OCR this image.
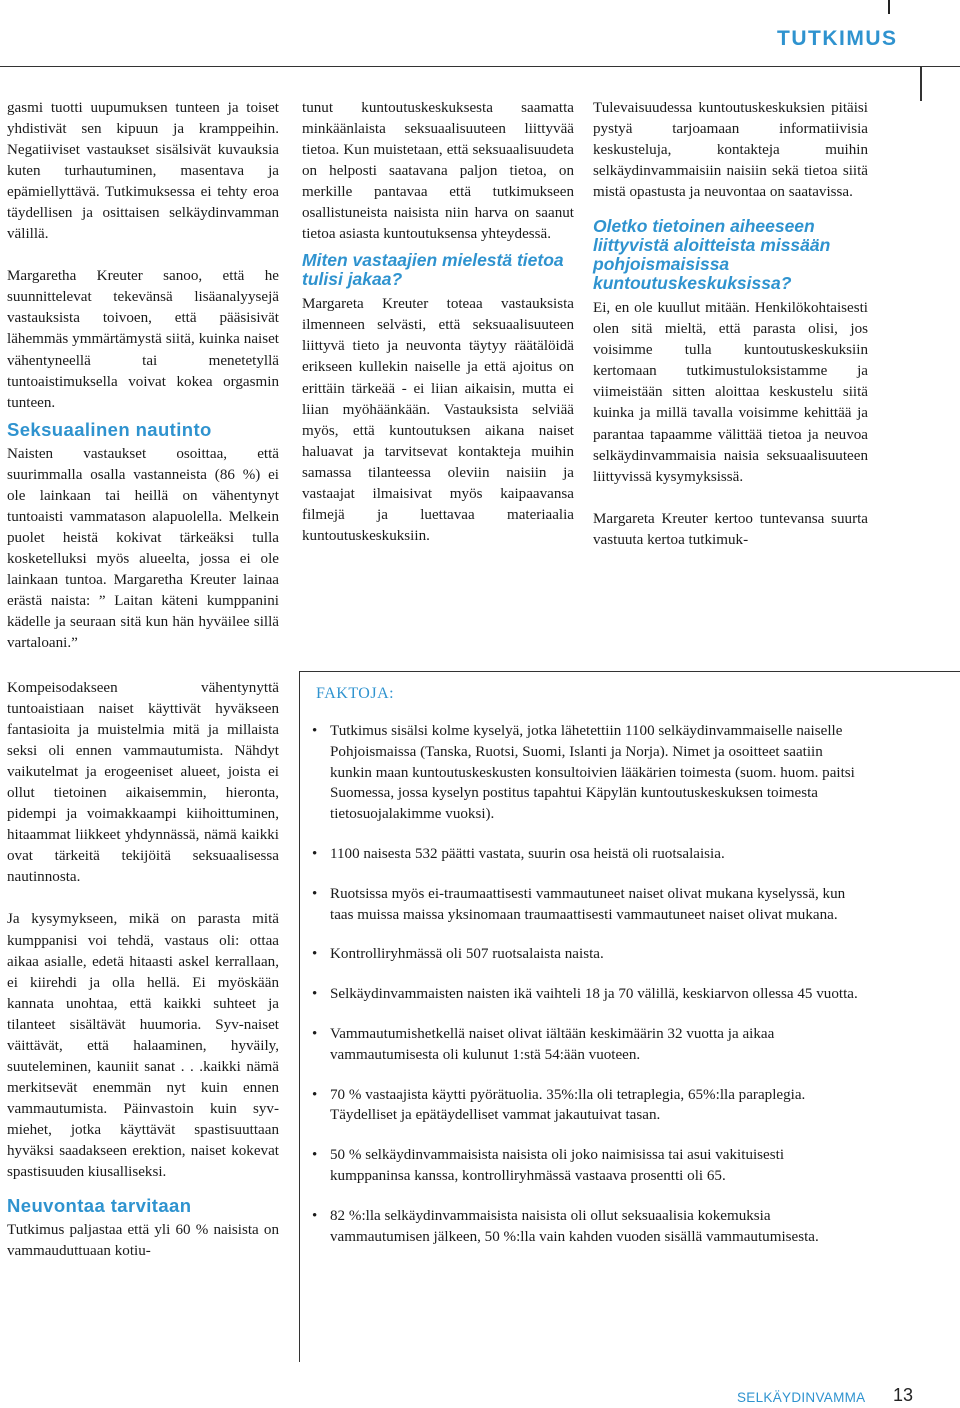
TUTKIMUS

gasmi tuotti uupumuksen tunteen ja toiset yhdistivät sen kipuun ja kramppeihin. Negatiiviset vastaukset sisälsivät kuvauksia kuten turhautuminen, masentava ja epämiellyttävä. Tutkimuksessa ei tehty eroa täydellisen ja osittaisen selkäydinvamman välillä.

Margaretha Kreuter sanoo, että he suunnittelevat tekevänsä lisäanalyysejä vastauksista toivoen, että pääsisivät lähemmäs ymmärtämystä siitä, kuinka naiset vähentyneellä tai menetetyllä tuntoaistimuksella voivat kokea orgasmin tunteen.

Seksuaalinen nautinto

Naisten vastaukset osoittaa, että suurimmalla osalla vastanneista (86 %) ei ole lainkaan tai heillä on vähentynyt tuntoaisti vammatason alapuolella. Melkein puolet heistä kokivat tärkeäksi tulla kosketelluksi myös alueelta, jossa ei ole lainkaan tuntoa. Margaretha Kreuter lainaa erästä naista: ” Laitan käteni kumppanini kädelle ja seuraan sitä kun hän hyväilee sillä vartaloani.”

Kompeisodakseen vähentynyttä tuntoaistiaan naiset käyttivät hyväkseen fantasioita ja muistelmia mitä ja millaista seksi oli ennen vammautumista. Nähdyt vaikutelmat ja erogeeniset alueet, joista ei ollut tietoinen aikaisemmin, hieronta, pidempi ja voimakkaampi kiihoittuminen, hitaammat liikkeet yhdynnässä, nämä kaikki ovat tärkeitä tekijöitä seksuaalisessa nautinnosta.

Ja kysymykseen, mikä on parasta mitä kumppanisi voi tehdä, vastaus oli: ottaa aikaa asialle, edetä hitaasti askel kerrallaan, ei kiirehdi ja olla hellä. Ei myöskään kannata unohtaa, että kaikki suhteet ja tilanteet sisältävät huumoria. Syv-naiset väittävät, että halaaminen, hyväily, suuteleminen, kauniit sanat . . .kaikki nämä merkitsevät enemmän nyt kuin ennen vammautumista. Päinvastoin kuin syv-miehet, jotka käyttävät spastisuuttaan hyväksi saadakseen erektion, naiset kokevat spastisuuden kiusalliseksi.

Neuvontaa tarvitaan

Tutkimus paljastaa että yli 60 % naisista on vammauduttuaan kotiu-

tunut kuntoutuskeskuksesta saamatta minkäänlaista seksuaalisuuteen liittyvää tietoa. Kun muistetaan, että seksuaalisuudeta on helposti saatavana paljon tietoa, on merkille pantavaa että tutkimukseen osallistuneista naisista niin harva on saanut tietoa asiasta kuntoutuksensa yhteydessä.

Miten vastaajien mielestä tietoa tulisi jakaa?

Margareta Kreuter toteaa vastauksista ilmenneen selvästi, että seksuaalisuuteen liittyvä tieto ja neuvonta täytyy räätälöidä erikseen kullekin naiselle ja että ajoitus on erittäin tärkeää - ei liian aikaisin, mutta ei liian myöhäänkään. Vastauksista selviää myös, että kuntoutuksen aikana naiset haluavat ja tarvitsevat kontakteja muihin samassa tilanteessa oleviin naisiin ja vastaajat ilmaisivat myös kaipaavansa filmejä ja luettavaa materiaalia kuntoutuskeskuksiin.

Tulevaisuudessa kuntoutuskeskuksien pitäisi pystyä tarjoamaan informatiivisia keskusteluja, kontakteja muihin selkäydinvammaisiin naisiin sekä tietoa siitä mistä opastusta ja neuvontaa on saatavissa.

Oletko tietoinen aiheeseen liittyvistä aloitteista missään pohjoismaisissa kuntoutuskeskuksissa?

Ei, en ole kuullut mitään. Henkilökohtaisesti olen sitä mieltä, että parasta olisi, jos voisimme tulla kuntoutuskeskuksiin kertomaan tutkimustuloksistamme ja viimeistään sitten aloittaa keskustelu siitä kuinka ja millä tavalla voisimme kehittää ja parantaa tapaamme välittää tietoa ja neuvoa selkäydinvammaisia naisia seksuaalisuuteen liittyvissä kysymyksissä.

Margareta Kreuter kertoo tuntevansa suurta vastuuta kertoa tutkimuk-

FAKTOJA:
• Tutkimus sisälsi kolme kyselyä, jotka lähetettiin 1100 selkäydinvammaiselle naiselle Pohjoismaissa (Tanska, Ruotsi, Suomi, Islanti ja Norja). Nimet ja osoitteet saatiin kunkin maan kuntoutuskeskusten konsultoivien lääkärien toimesta (suom. huom. paitsi Suomessa, jossa kyselyn postitus tapahtui Käpylän kuntoutuskeskuksen toimesta tietosuojalakimme vuoksi).
• 1100 naisesta 532 päätti vastata, suurin osa heistä oli ruotsalaisia.
• Ruotsissa myös ei-traumaattisesti vammautuneet naiset olivat mukana kyselyssä, kun taas muissa maissa yksinomaan traumaattisesti vammautuneet naiset olivat mukana.
• Kontrolliryhmässä oli 507 ruotsalaista naista.
• Selkäydinvammaisten naisten ikä vaihteli 18 ja 70 välillä, keskiarvon ollessa 45 vuotta.
• Vammautumishetkellä naiset olivat iältään keskimäärin 32 vuotta ja aikaa vammautumisesta oli kulunut 1:stä 54:ään vuoteen.
• 70 % vastaajista käytti pyörätuolia. 35%:lla oli tetraplegia, 65%:lla paraplegia. Täydelliset ja epätäydelliset vammat jakautuivat tasan.
• 50 % selkäydinvammaisista naisista oli joko naimisissa tai asui vakituisesti kumppaninsa kanssa, kontrolliryhmässä vastaava prosentti oli 65.
• 82 %:lla selkäydinvammaisista naisista oli ollut seksuaalisia kokemuksia vammautumisen jälkeen, 50 %:lla vain kahden vuoden sisällä vammautumisesta.
SELKÄYDINVAMMA 13
